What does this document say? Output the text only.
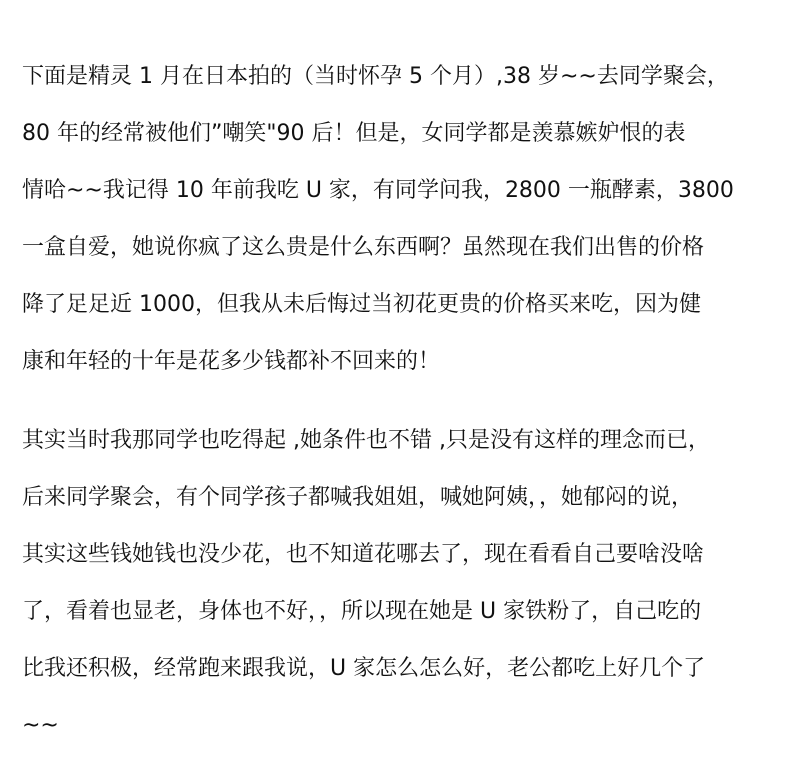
下面是精灵 1 月在日本拍的（当时怀孕 5 个月）,38 岁~~去同学聚会，
80 年的经常被他们”嘲笑"90 后！但是，女同学都是羡慕嫉妒恨的表
情哈~~我记得 10 年前我吃 U 家，有同学问我，2800 一瓶酵素，3800
一盒自爱，她说你疯了这么贵是什么东西啊？虽然现在我们出售的价格
降了足足近 1000，但我从未后悔过当初花更贵的价格买来吃，因为健
康和年轻的十年是花多少钱都补不回来的！
其实当时我那同学也吃得起 ,她条件也不错 ,只是没有这样的理念而已，
后来同学聚会，有个同学孩子都喊我姐姐，喊她阿姨，，她郁闷的说，
其实这些钱她钱也没少花，也不知道花哪去了，现在看看自己要啥没啥
了，看着也显老，身体也不好，，所以现在她是 U 家铁粉了，自己吃的
比我还积极，经常跑来跟我说，U 家怎么怎么好，老公都吃上好几个了
~~
